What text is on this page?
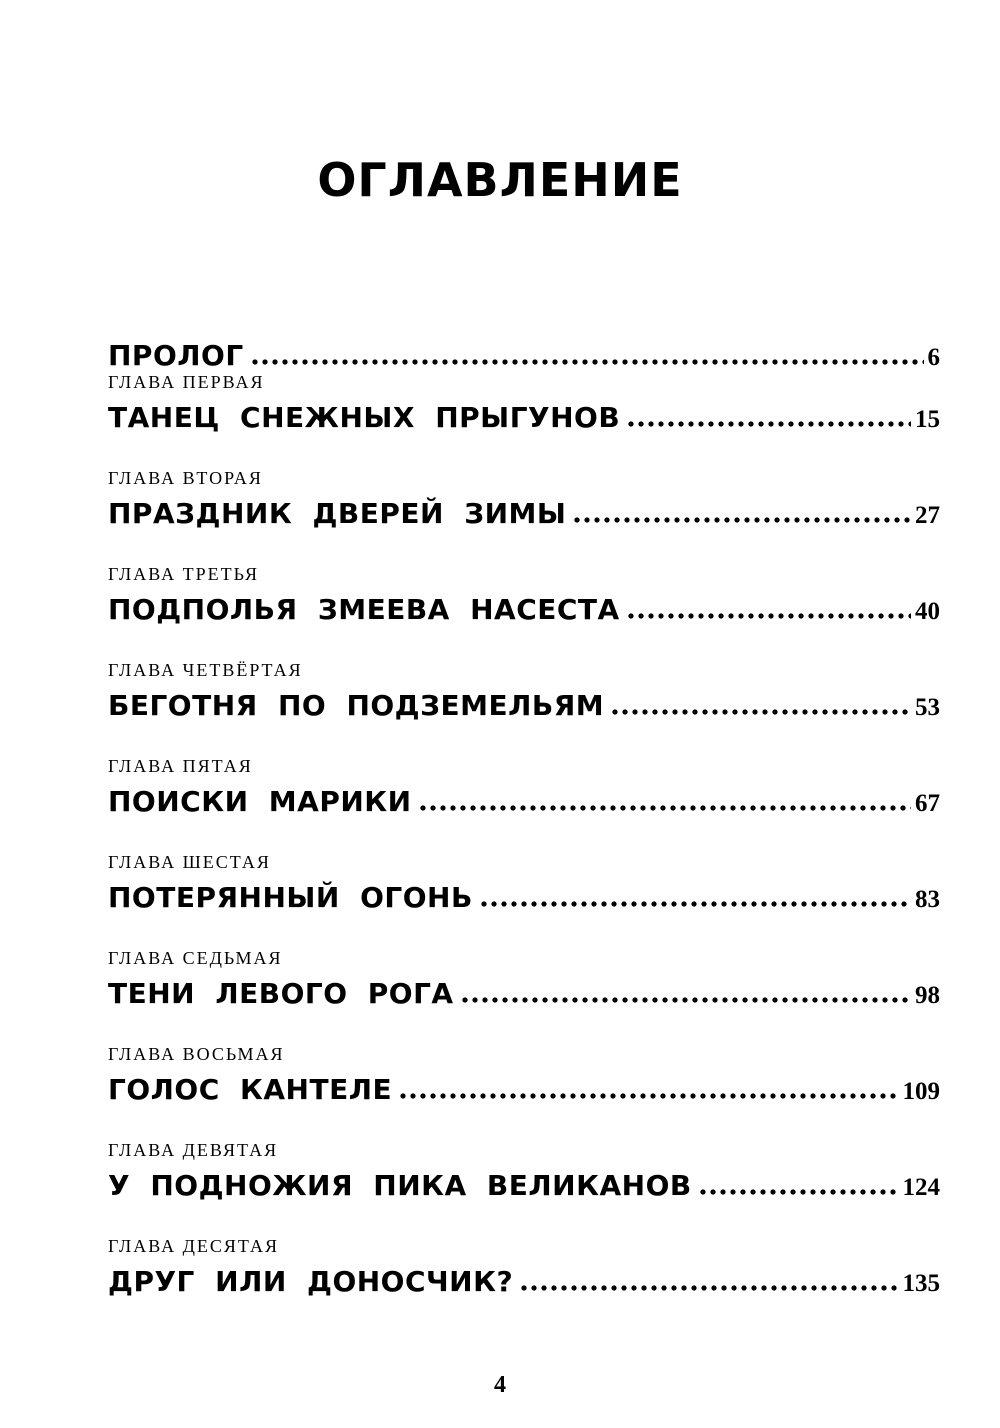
ОГЛАВЛЕНИЕ
ПРОЛОГ	6
ГЛАВА ПЕРВАЯ
ТАНЕЦ СНЕЖНЫХ ПРЫГУНОВ	15
ГЛАВА ВТОРАЯ
ПРАЗДНИК ДВЕРЕЙ ЗИМЫ	27
ГЛАВА ТРЕТЬЯ
ПОДПОЛЬЯ ЗМЕЕВА НАСЕСТА	40
ГЛАВА ЧЕТВЁРТАЯ
БЕГОТНЯ ПО ПОДЗЕМЕЛЬЯМ	53
ГЛАВА ПЯТАЯ
ПОИСКИ МАРИКИ	67
ГЛАВА ШЕСТАЯ
ПОТЕРЯННЫЙ ОГОНЬ	83
ГЛАВА СЕДЬМАЯ
ТЕНИ ЛЕВОГО РОГА	98
ГЛАВА ВОСЬМАЯ
ГОЛОС КАНТЕЛЕ	109
ГЛАВА ДЕВЯТАЯ
У ПОДНОЖИЯ ПИКА ВЕЛИКАНОВ	124
ГЛАВА ДЕСЯТАЯ
ДРУГ ИЛИ ДОНОСЧИК?	135
4
